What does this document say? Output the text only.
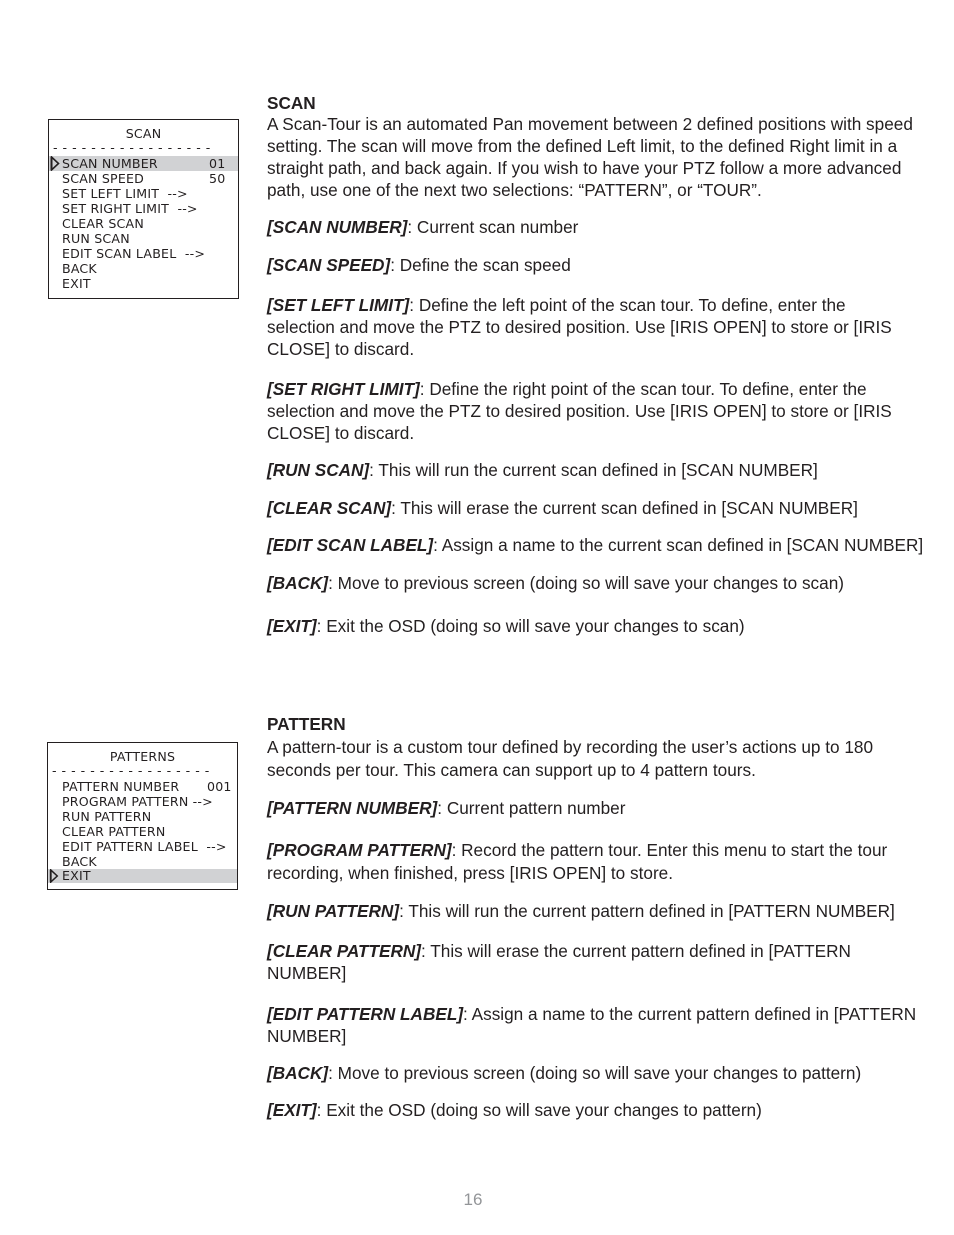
SCAN
- - - - - - - - - - - - - - - - -
SCAN NUMBER	01
SCAN SPEED	50
SET LEFT LIMIT  -->
SET RIGHT LIMIT  -->
CLEAR SCAN
RUN SCAN
EDIT SCAN LABEL  -->
BACK
EXIT
SCAN
A Scan-Tour is an automated Pan movement between 2 defined positions with speed setting. The scan will move from the defined Left limit, to the defined Right limit in a straight path, and back again. If you wish to have your PTZ follow a more advanced path, use one of the next two selections: “PATTERN”, or “TOUR”.
[SCAN NUMBER]: Current scan number
[SCAN SPEED]: Define the scan speed
[SET LEFT LIMIT]: Define the left point of the scan tour. To define, enter the selection and move the PTZ to desired position. Use [IRIS OPEN] to store or [IRIS CLOSE] to discard.
[SET RIGHT LIMIT]: Define the right point of the scan tour. To define, enter the selection and move the PTZ to desired position. Use [IRIS OPEN] to store or [IRIS CLOSE] to discard.
[RUN SCAN]: This will run the current scan defined in [SCAN NUMBER]
[CLEAR SCAN]: This will erase the current scan defined in [SCAN NUMBER]
[EDIT SCAN LABEL]: Assign a name to the current scan defined in [SCAN NUMBER]
[BACK]: Move to previous screen (doing so will save your changes to scan)
[EXIT]: Exit the OSD (doing so will save your changes to scan)
PATTERNS
- - - - - - - - - - - - - - - - -
PATTERN NUMBER 001
PROGRAM PATTERN -->
RUN PATTERN
CLEAR PATTERN
EDIT PATTERN LABEL  -->
BACK
EXIT
PATTERN
A pattern-tour is a custom tour defined by recording the user’s actions up to 180 seconds per tour. This camera can support up to 4 pattern tours.
[PATTERN NUMBER]: Current pattern number
[PROGRAM PATTERN]: Record the pattern tour. Enter this menu to start the tour recording, when finished, press [IRIS OPEN] to store.
[RUN PATTERN]: This will run the current pattern defined in [PATTERN NUMBER]
[CLEAR PATTERN]: This will erase the current pattern defined in [PATTERN NUMBER]
[EDIT PATTERN LABEL]: Assign a name to the current pattern defined in [PATTERN NUMBER]
[BACK]: Move to previous screen (doing so will save your changes to pattern)
[EXIT]: Exit the OSD (doing so will save your changes to pattern)
16
